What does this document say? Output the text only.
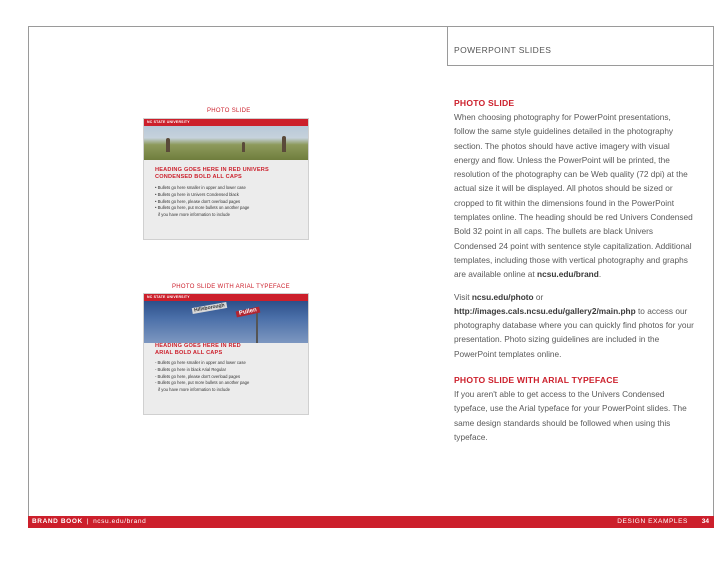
POWERPOINT SLIDES
PHOTO SLIDE
NC STATE UNIVERSITY
HEADING GOES HERE IN RED UNIVERS
CONDENSED BOLD ALL CAPS
• Bullets go here smaller in upper and lower case
• Bullets go here in Univers Condensed black
• Bullets go here, please don't overload pages
• Bullets go here, put more bullets on another page
if you have more information to include
PHOTO SLIDE WITH ARIAL TYPEFACE
NC STATE UNIVERSITY
Hillsborough	Pullen
HEADING GOES HERE IN RED
ARIAL BOLD ALL CAPS
- Bullets go here smaller in upper and lower case
- Bullets go here in black Arial Regular
- Bullets go here, please don't overload pages
- Bullets go here, put more bullets on another page
if you have more information to include
PHOTO SLIDE

When choosing photography for PowerPoint presentations, follow the same style guidelines detailed in the photography section. The photos should have active imagery with visual energy and flow. Unless the PowerPoint will be printed, the resolution of the photography can be Web quality (72 dpi) at the actual size it will be displayed. All photos should be sized or cropped to fit within the dimensions found in the PowerPoint templates online. The heading should be red Univers Condensed Bold 32 point in all caps. The bullets are black Univers Condensed 24 point with sentence style capitalization. Additional templates, including those with vertical photography and graphs are available online at ncsu.edu/brand.

Visit ncsu.edu/photo or http://images.cals.ncsu.edu/gallery2/main.php to access our photography database where you can quickly find photos for your presentation. Photo sizing guidelines are included in the PowerPoint templates online.

PHOTO SLIDE WITH ARIAL TYPEFACE

If you aren't able to get access to the Univers Condensed typeface, use the Arial typeface for your PowerPoint slides. The same design standards should be followed when using this typeface.

BRAND BOOK | ncsu.edu/brand	DESIGN EXAMPLES 34
